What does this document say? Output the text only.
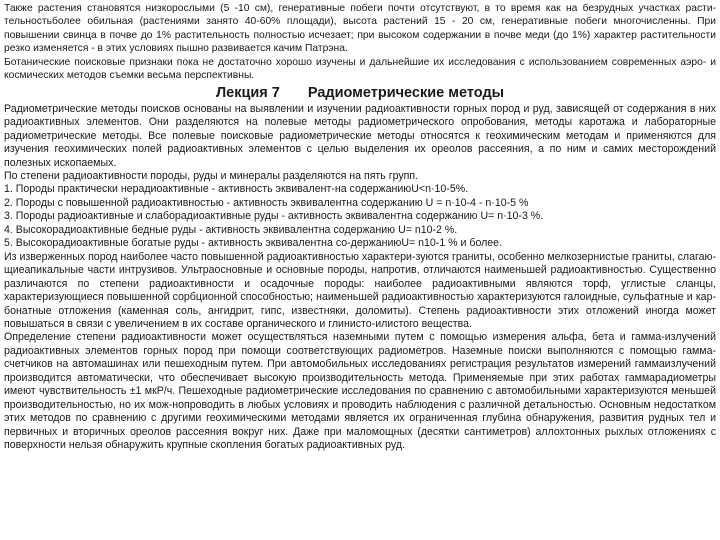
Также растения становятся низкорослыми (5 -10 см), генеративные побеги почти отсутствуют, в то время как на безрудных участках расти-тельностьболее обильная (растениями занято 40-60% площади), высота растений 15 - 20 см, генеративные побеги многочисленны. При повышении свинца в почве до 1% растительность полностью исчезает; при высоком содержании в почве меди (до 1%) характер растительности резко изменяется - в этих условиях пышно развивается качим Патрэна.

Ботанические поисковые признаки пока не достаточно хорошо изучены и дальнейшие их исследования с использованием современных аэро- и космических методов съемки весьма перспективны.

Лекция 7 Радиометрические методы

Радиометрические методы поисков основаны на выявлении и изучении радиоактивности горных пород и руд, зависящей от содержания в них радиоактивных элементов. Они разделяются на полевые методы радиометрического опробования, методы каротажа и лабораторные радиометрические методы. Все полевые поисковые радиометрические методы относятся к геохимическим методам и применяются для изучения геохимических полей радиоактивных элементов с целью выделения их ореолов рассеяния, а по ним и самих месторождений полезных ископаемых.

По степени радиоактивности породы, руды и минералы разделяются на пять групп.

1. Породы практически нерадиоактивные - активность эквивалент-на содержаниюU<n·10-5%.

2. Породы с повышенной радиоактивностью - активность эквивалентна содержанию U = n·10-4 - n·10-5 %

3. Породы радиоактивные и слаборадиоактивные руды - активность эквивалентна содержанию U= n·10-3 %.

4. Высокорадиоактивные бедные руды - активность эквивалентна содержанию U= n10-2 %.

5. Высокорадиоактивные богатые руды - активность эквивалентна со-держаниюU= n10-1 % и более.

Из изверженных пород наиболее часто повышенной радиоактивностью характери-зуются граниты, особенно мелкозернистые граниты, слагаю-щиеапикальные части интрузивов. Ультраосновные и основные породы, напротив, отличаются наименьшей радиоактивностью. Существенно различаются по степени радиоактивности и осадочные породы: наиболее радиоактивными являются торф, углистые сланцы, характеризующиеся повышенной сорбционной способностью; наименьшей радиоактивностью характеризуются галоидные, сульфатные и кар-бонатные отложения (каменная соль, ангидрит, гипс, известняки, доломиты). Степень радиоактивности этих отложений иногда может повышаться в связи с увеличением в их составе органического и глинисто-илистого вещества.

Определение степени радиоактивности может осуществляться наземными путем с помощью измерения альфа, бета и гамма-излучений радиоактивных элементов горных пород при помощи соответствующих радиометров. Наземные поиски выполняются с помощью гамма-счетчиков на автомашинах или пешеходным путем. При автомобильных исследованиях регистрация результатов измерений гаммаизлучений производится автоматически, что обеспечивает высокую производительность метода. Применяемые при этих работах гаммарадиометры имеют чувствительность ±1 мкР/ч. Пешеходные радиометрические исследования по сравнению с автомобильными характеризуются меньшей производительностью, но их мож-нопроводить в любых условиях и проводить наблюдения с различной детальностью. Основным недостатком этих методов по сравнению с другими геохимическими методами является их ограниченная глубина обнаружения, развития рудных тел и первичных и вторичных ореолов рассеяния вокруг них. Даже при маломощных (десятки сантиметров) аллохтонных рыхлых отложениях с поверхности нельзя обнаружить крупные скопления богатых радиоактивных руд.
